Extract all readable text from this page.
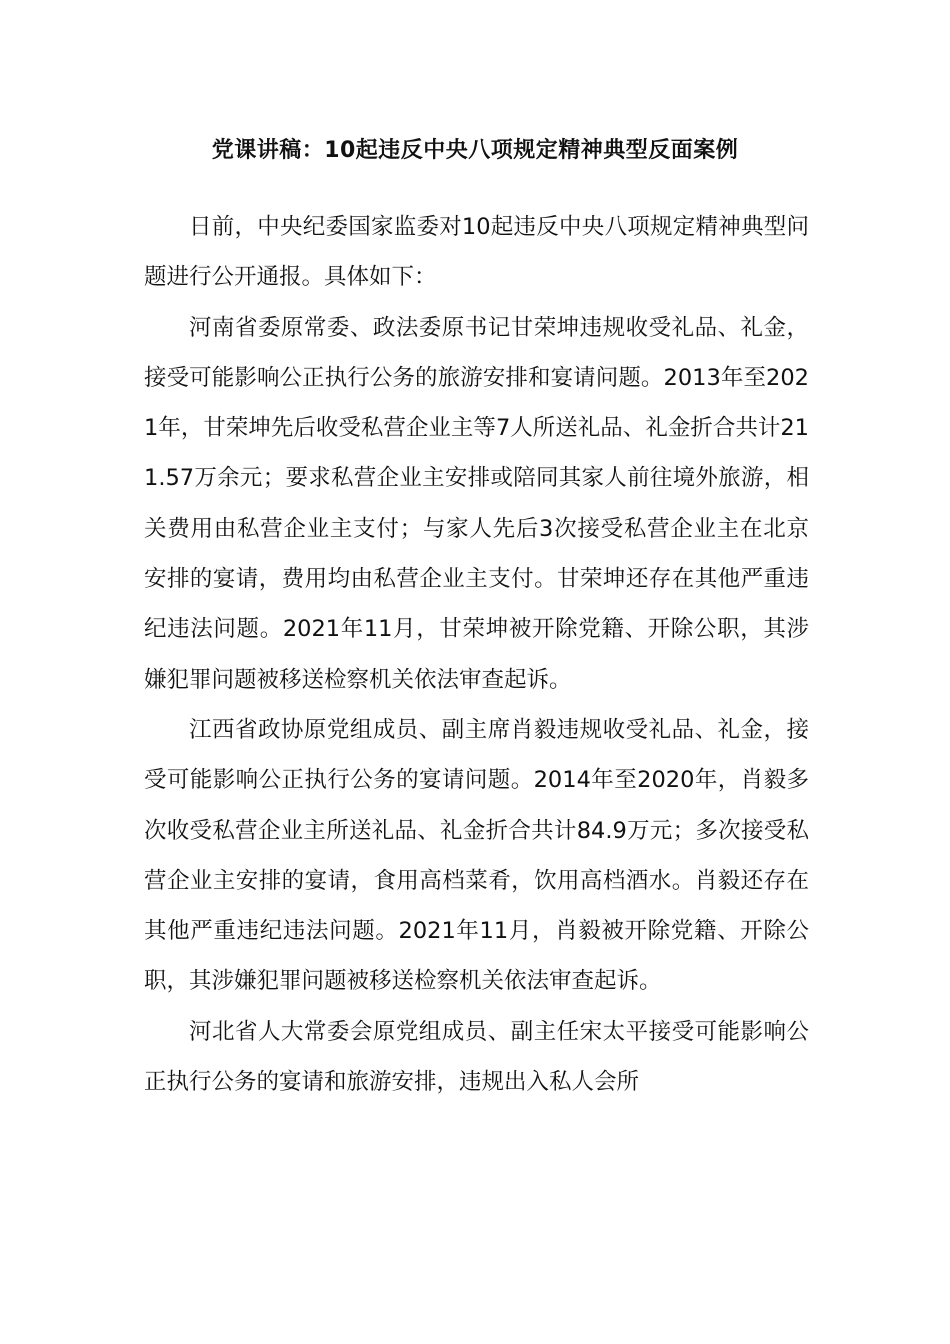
党课讲稿：10起违反中央八项规定精神典型反面案例

日前，中央纪委国家监委对10起违反中央八项规定精神典型问题进行公开通报。具体如下：

河南省委原常委、政法委原书记甘荣坤违规收受礼品、礼金，接受可能影响公正执行公务的旅游安排和宴请问题。2013年至2021年，甘荣坤先后收受私营企业主等7人所送礼品、礼金折合共计211.57万余元；要求私营企业主安排或陪同其家人前往境外旅游，相关费用由私营企业主支付；与家人先后3次接受私营企业主在北京安排的宴请，费用均由私营企业主支付。甘荣坤还存在其他严重违纪违法问题。2021年11月，甘荣坤被开除党籍、开除公职，其涉嫌犯罪问题被移送检察机关依法审查起诉。

江西省政协原党组成员、副主席肖毅违规收受礼品、礼金，接受可能影响公正执行公务的宴请问题。2014年至2020年，肖毅多次收受私营企业主所送礼品、礼金折合共计84.9万元；多次接受私营企业主安排的宴请，食用高档菜肴，饮用高档酒水。肖毅还存在其他严重违纪违法问题。2021年11月，肖毅被开除党籍、开除公职，其涉嫌犯罪问题被移送检察机关依法审查起诉。

河北省人大常委会原党组成员、副主任宋太平接受可能影响公正执行公务的宴请和旅游安排，违规出入私人会所
